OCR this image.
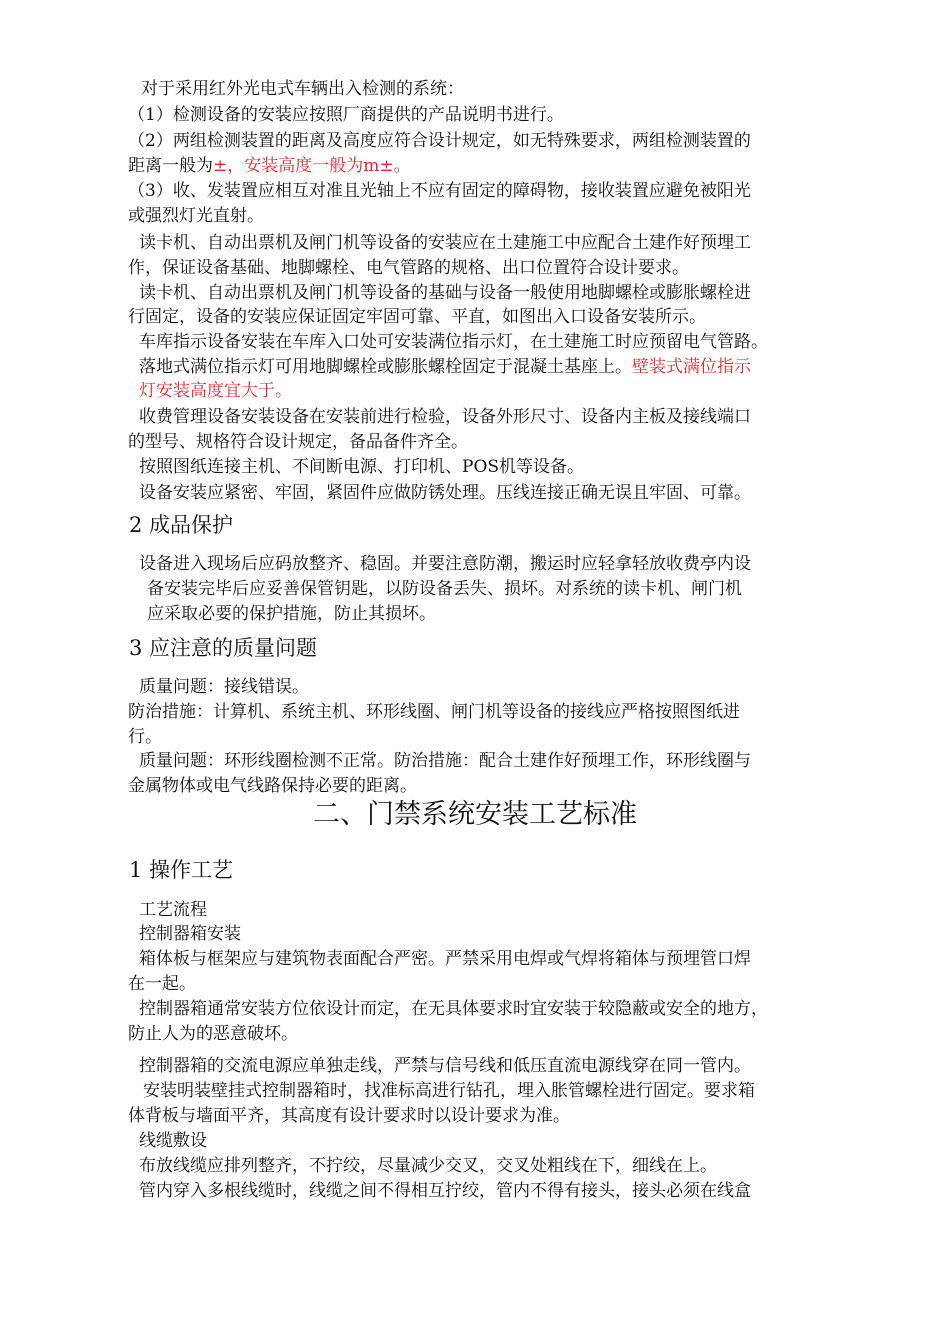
对于采用红外光电式车辆出入检测的系统：
（1）检测设备的安装应按照厂商提供的产品说明书进行。
（2）两组检测装置的距离及高度应符合设计规定，如无特殊要求，两组检测装置的
距离一般为±，安装高度一般为m±。
（3）收、发装置应相互对准且光轴上不应有固定的障碍物，接收装置应避免被阳光
或强烈灯光直射。
读卡机、自动出票机及闸门机等设备的安装应在土建施工中应配合土建作好预埋工
作，保证设备基础、地脚螺栓、电气管路的规格、出口位置符合设计要求。
读卡机、自动出票机及闸门机等设备的基础与设备一般使用地脚螺栓或膨胀螺栓进
行固定，设备的安装应保证固定牢固可靠、平直，如图出入口设备安装所示。
车库指示设备安装在车库入口处可安装满位指示灯，在土建施工时应预留电气管路。
落地式满位指示灯可用地脚螺栓或膨胀螺栓固定于混凝土基座上。壁装式满位指示
灯安装高度宜大于。
收费管理设备安装设备在安装前进行检验，设备外形尺寸、设备内主板及接线端口
的型号、规格符合设计规定，备品备件齐全。
按照图纸连接主机、不间断电源、打印机、POS机等设备。
设备安装应紧密、牢固，紧固件应做防锈处理。压线连接正确无误且牢固、可靠。
2 成品保护
设备进入现场后应码放整齐、稳固。并要注意防潮，搬运时应轻拿轻放收费亭内设
备安装完毕后应妥善保管钥匙，以防设备丢失、损坏。对系统的读卡机、闸门机
应采取必要的保护措施，防止其损坏。
3 应注意的质量问题
质量问题：接线错误。
防治措施：计算机、系统主机、环形线圈、闸门机等设备的接线应严格按照图纸进
行。
质量问题：环形线圈检测不正常。防治措施：配合土建作好预埋工作，环形线圈与
金属物体或电气线路保持必要的距离。
二、门禁系统安装工艺标准
1 操作工艺
工艺流程
控制器箱安装
箱体板与框架应与建筑物表面配合严密。严禁采用电焊或气焊将箱体与预埋管口焊
在一起。
控制器箱通常安装方位依设计而定，在无具体要求时宜安装于较隐蔽或安全的地方，
防止人为的恶意破坏。
控制器箱的交流电源应单独走线，严禁与信号线和低压直流电源线穿在同一管内。
安装明装壁挂式控制器箱时，找准标高进行钻孔，埋入胀管螺栓进行固定。要求箱
体背板与墙面平齐，其高度有设计要求时以设计要求为准。
线缆敷设
布放线缆应排列整齐，不拧绞，尽量减少交叉，交叉处粗线在下，细线在上。
管内穿入多根线缆时，线缆之间不得相互拧绞，管内不得有接头，接头必须在线盒
